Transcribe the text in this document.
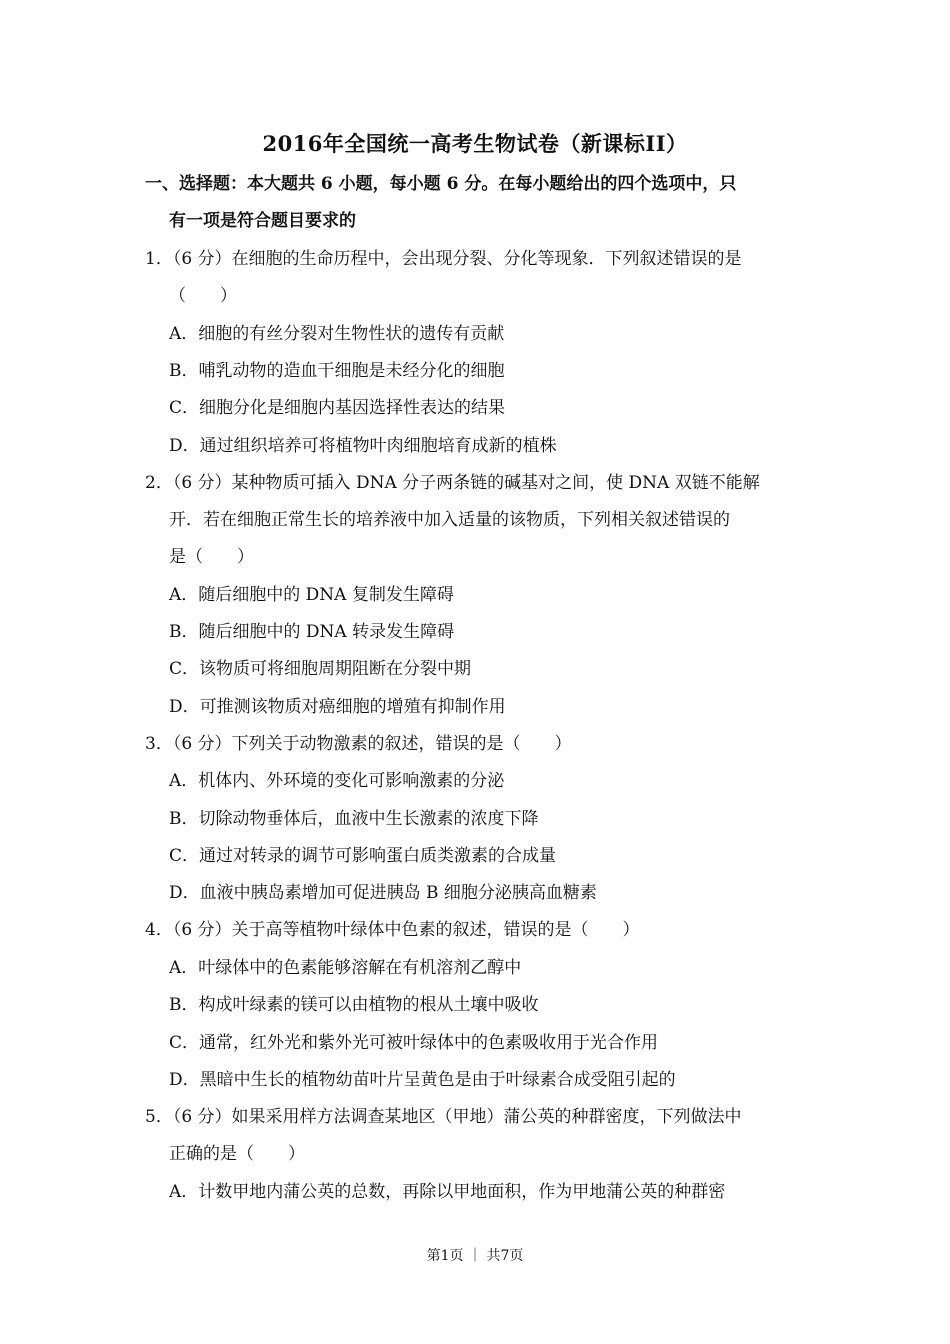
2016年全国统一高考生物试卷（新课标II）
一、选择题：本大题共 6 小题，每小题 6 分。在每小题给出的四个选项中，只
有一项是符合题目要求的
1．（6 分）在细胞的生命历程中，会出现分裂、分化等现象．下列叙述错误的是
（　　）
A．细胞的有丝分裂对生物性状的遗传有贡献
B．哺乳动物的造血干细胞是未经分化的细胞
C．细胞分化是细胞内基因选择性表达的结果
D．通过组织培养可将植物叶肉细胞培育成新的植株
2．（6 分）某种物质可插入 DNA 分子两条链的碱基对之间，使 DNA 双链不能解
开．若在细胞正常生长的培养液中加入适量的该物质，下列相关叙述错误的
是（　　）
A．随后细胞中的 DNA 复制发生障碍
B．随后细胞中的 DNA 转录发生障碍
C．该物质可将细胞周期阻断在分裂中期
D．可推测该物质对癌细胞的增殖有抑制作用
3．（6 分）下列关于动物激素的叙述，错误的是（　　）
A．机体内、外环境的变化可影响激素的分泌
B．切除动物垂体后，血液中生长激素的浓度下降
C．通过对转录的调节可影响蛋白质类激素的合成量
D．血液中胰岛素增加可促进胰岛 B 细胞分泌胰高血糖素
4．（6 分）关于高等植物叶绿体中色素的叙述，错误的是（　　）
A．叶绿体中的色素能够溶解在有机溶剂乙醇中
B．构成叶绿素的镁可以由植物的根从土壤中吸收
C．通常，红外光和紫外光可被叶绿体中的色素吸收用于光合作用
D．黑暗中生长的植物幼苗叶片呈黄色是由于叶绿素合成受阻引起的
5．（6 分）如果采用样方法调查某地区（甲地）蒲公英的种群密度，下列做法中
正确的是（　　）
A．计数甲地内蒲公英的总数，再除以甲地面积，作为甲地蒲公英的种群密
第1页 ｜ 共7页
